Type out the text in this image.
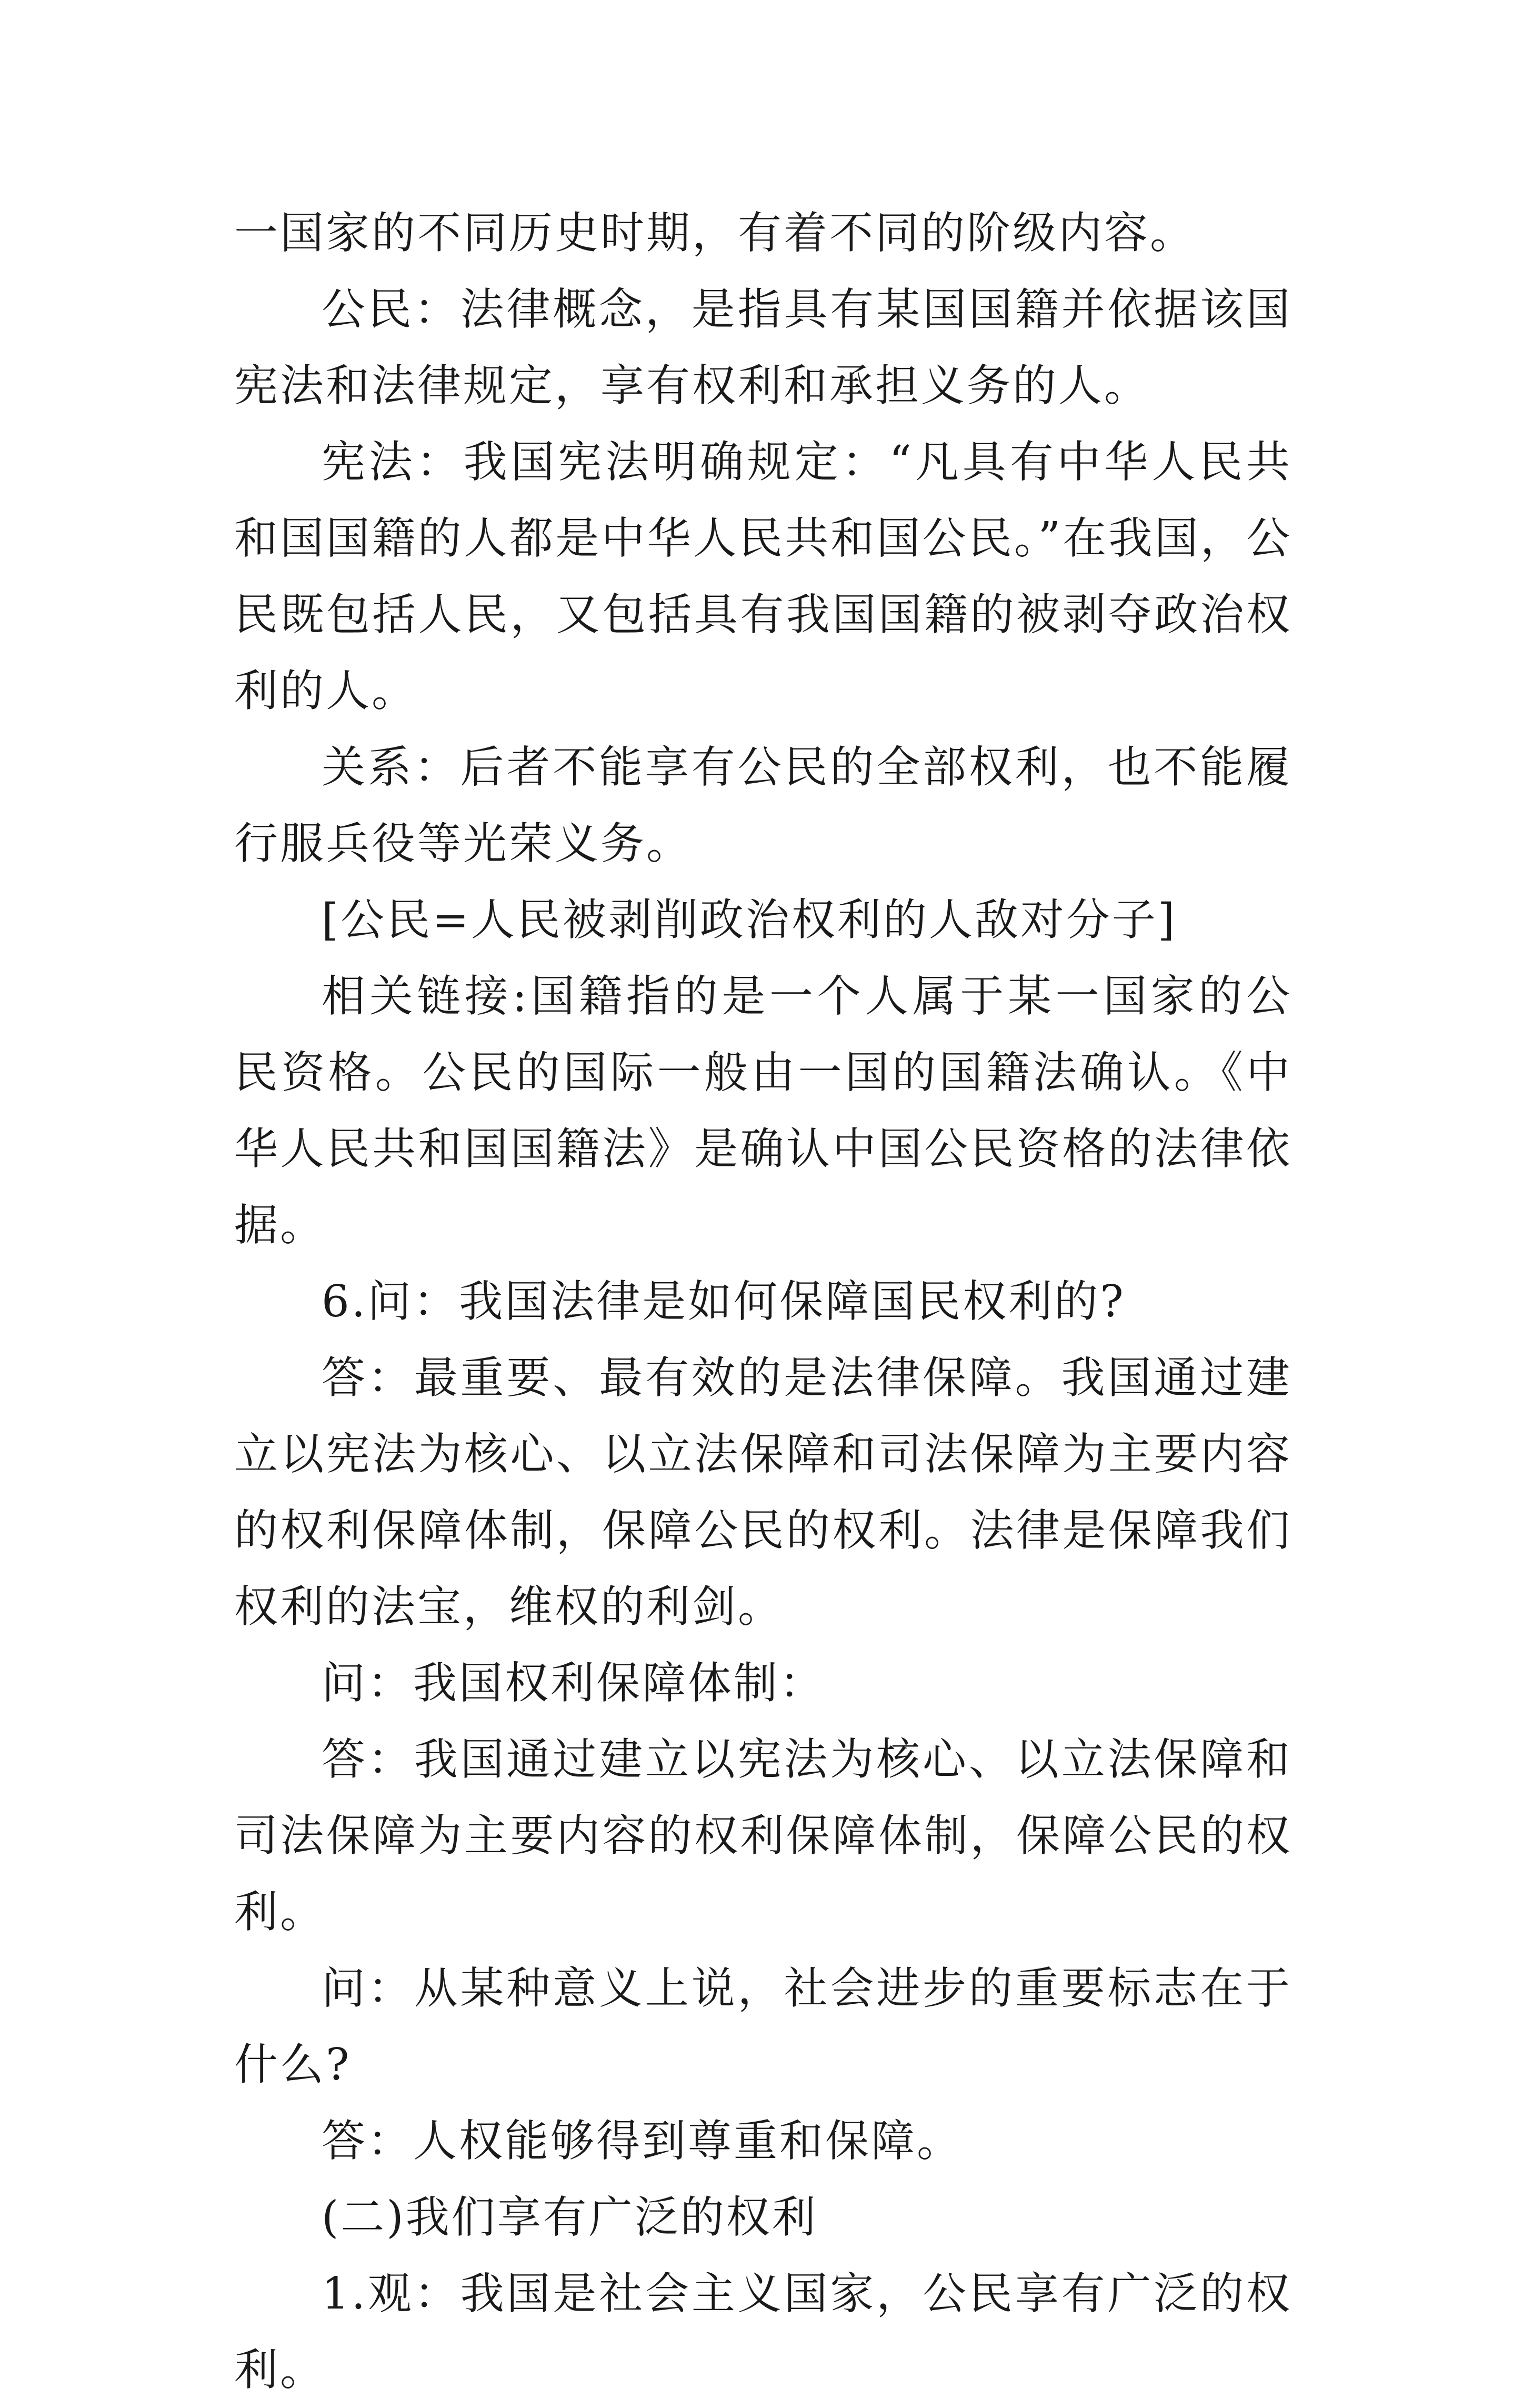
一国家的不同历史时期，有着不同的阶级内容。

公民：法律概念，是指具有某国国籍并依据该国宪法和法律规定，享有权利和承担义务的人。

宪法：我国宪法明确规定：“凡具有中华人民共和国国籍的人都是中华人民共和国公民。”在我国，公民既包括人民，又包括具有我国国籍的被剥夺政治权利的人。

关系：后者不能享有公民的全部权利，也不能履行服兵役等光荣义务。

[公民=人民被剥削政治权利的人敌对分子]

相关链接:国籍指的是一个人属于某一国家的公民资格。公民的国际一般由一国的国籍法确认。《中华人民共和国国籍法》是确认中国公民资格的法律依据。

6.问：我国法律是如何保障国民权利的?

答：最重要、最有效的是法律保障。我国通过建立以宪法为核心、以立法保障和司法保障为主要内容的权利保障体制，保障公民的权利。法律是保障我们权利的法宝，维权的利剑。

问：我国权利保障体制：

答：我国通过建立以宪法为核心、以立法保障和司法保障为主要内容的权利保障体制，保障公民的权利。

问：从某种意义上说，社会进步的重要标志在于什么?

答：人权能够得到尊重和保障。

(二)我们享有广泛的权利

1.观：我国是社会主义国家，公民享有广泛的权利。
